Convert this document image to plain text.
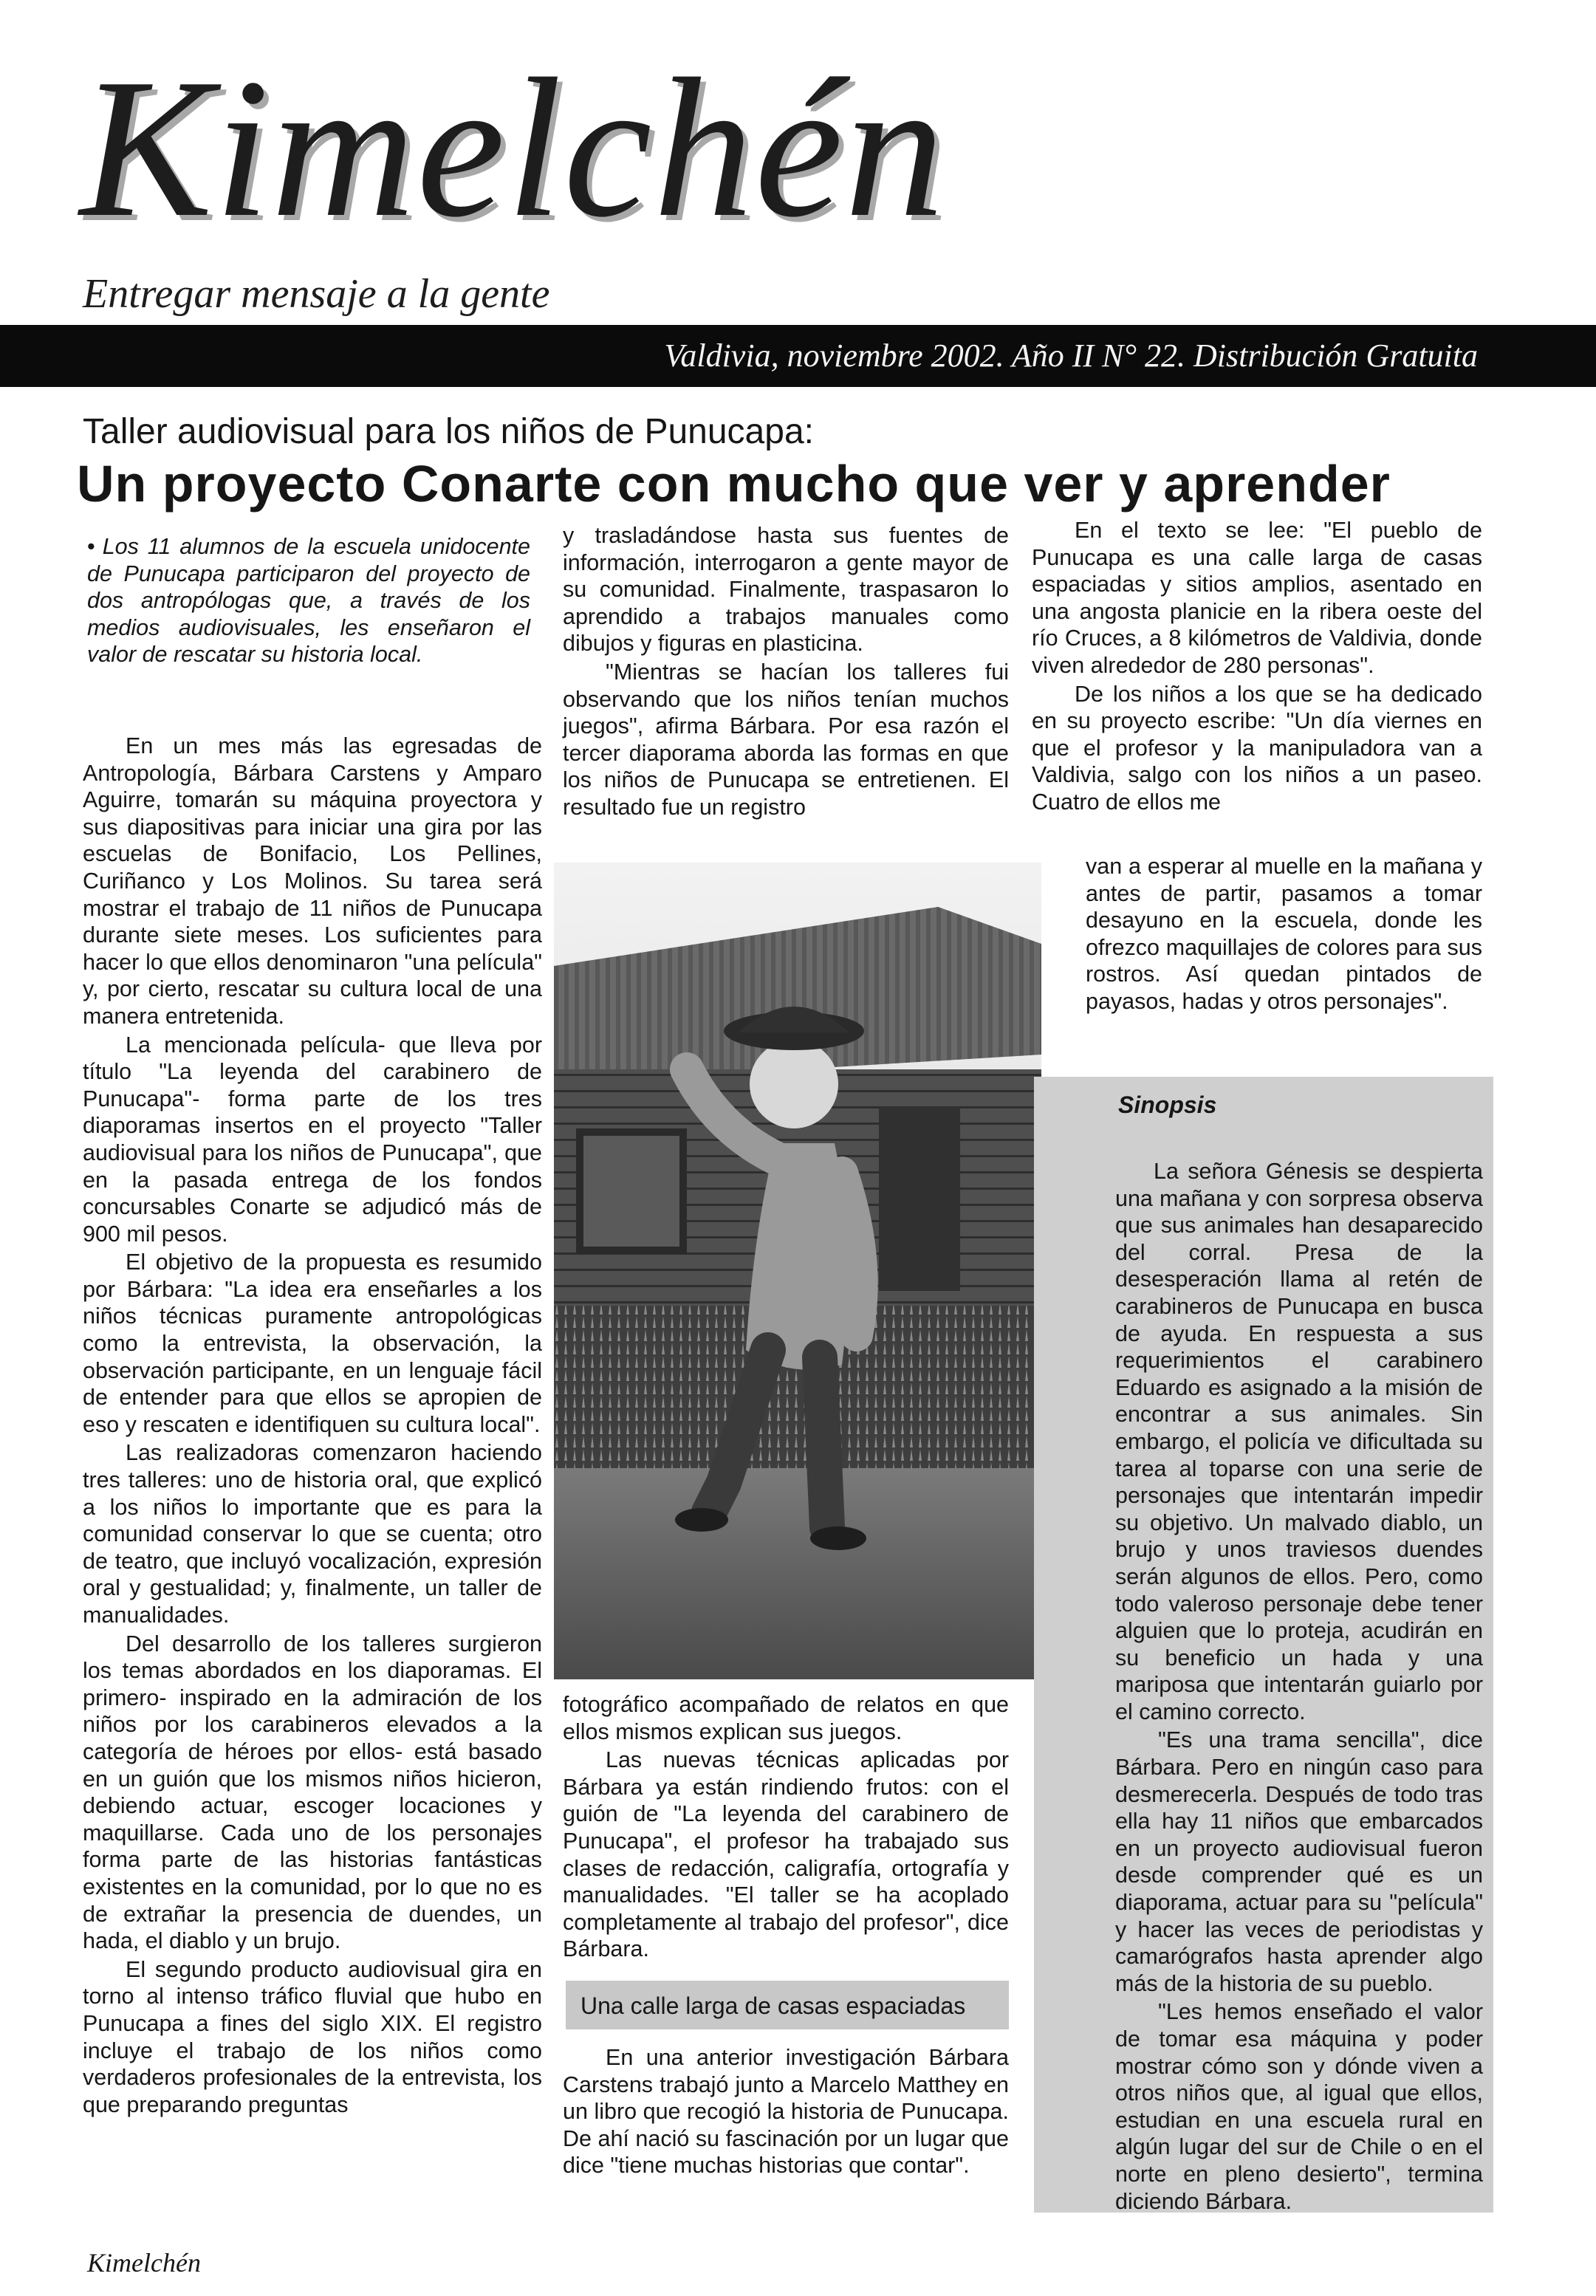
Kimelchén
Entregar mensaje a la gente
Valdivia, noviembre 2002. Año II N° 22. Distribución Gratuita
Taller audiovisual para los niños de Punucapa:
Un proyecto Conarte con mucho que ver y aprender

• Los 11 alumnos de la escuela unidocente de Punucapa participaron del proyecto de dos antropólogas que, a través de los medios audiovisuales, les enseñaron el valor de rescatar su historia local.

En un mes más las egresadas de Antropología, Bárbara Carstens y Amparo Aguirre, tomarán su máquina proyectora y sus diapositivas para iniciar una gira por las escuelas de Bonifacio, Los Pellines, Curiñanco y Los Molinos. Su tarea será mostrar el trabajo de 11 niños de Punucapa durante siete meses. Los suficientes para hacer lo que ellos denominaron "una película" y, por cierto, rescatar su cultura local de una manera entretenida.

La mencionada película- que lleva por título "La leyenda del carabinero de Punucapa"- forma parte de los tres diaporamas insertos en el proyecto "Taller audiovisual para los niños de Punucapa", que en la pasada entrega de los fondos concursables Conarte se adjudicó más de 900 mil pesos.

El objetivo de la propuesta es resumido por Bárbara: "La idea era enseñarles a los niños técnicas puramente antropológicas como la entrevista, la observación, la observación participante, en un lenguaje fácil de entender para que ellos se apropien de eso y rescaten e identifiquen su cultura local".

Las realizadoras comenzaron haciendo tres talleres: uno de historia oral, que explicó a los niños lo importante que es para la comunidad conservar lo que se cuenta; otro de teatro, que incluyó vocalización, expresión oral y gestualidad; y, finalmente, un taller de manualidades.

Del desarrollo de los talleres surgieron los temas abordados en los diaporamas. El primero- inspirado en la admiración de los niños por los carabineros elevados a la categoría de héroes por ellos- está basado en un guión que los mismos niños hicieron, debiendo actuar, escoger locaciones y maquillarse. Cada uno de los personajes forma parte de las historias fantásticas existentes en la comunidad, por lo que no es de extrañar la presencia de duendes, un hada, el diablo y un brujo.

El segundo producto audiovisual gira en torno al intenso tráfico fluvial que hubo en Punucapa a fines del siglo XIX. El registro incluye el trabajo de los niños como verdaderos profesionales de la entrevista, los que preparando preguntas

y trasladándose hasta sus fuentes de información, interrogaron a gente mayor de su comunidad. Finalmente, traspasaron lo aprendido a trabajos manuales como dibujos y figuras en plasticina.

"Mientras se hacían los talleres fui observando que los niños tenían muchos juegos", afirma Bárbara. Por esa razón el tercer diaporama aborda las formas en que los niños de Punucapa se entretienen. El resultado fue un registro

fotográfico acompañado de relatos en que ellos mismos explican sus juegos.

Las nuevas técnicas aplicadas por Bárbara ya están rindiendo frutos: con el guión de "La leyenda del carabinero de Punucapa", el profesor ha trabajado sus clases de redacción, caligrafía, ortografía y manualidades. "El taller se ha acoplado completamente al trabajo del profesor", dice Bárbara.

Una calle larga de casas espaciadas

En una anterior investigación Bárbara Carstens trabajó junto a Marcelo Matthey en un libro que recogió la historia de Punucapa. De ahí nació su fascinación por un lugar que dice "tiene muchas historias que contar".

En el texto se lee: "El pueblo de Punucapa es una calle larga de casas espaciadas y sitios amplios, asentado en una angosta planicie en la ribera oeste del río Cruces, a 8 kilómetros de Valdivia, donde viven alrededor de 280 personas".

De los niños a los que se ha dedicado en su proyecto escribe: "Un día viernes en que el profesor y la manipuladora van a Valdivia, salgo con los niños a un paseo. Cuatro de ellos me

van a esperar al muelle en la mañana y antes de partir, pasamos a tomar desayuno en la escuela, donde les ofrezco maquillajes de colores para sus rostros. Así quedan pintados de payasos, hadas y otros personajes".

Sinopsis

La señora Génesis se despierta una mañana y con sorpresa observa que sus animales han desaparecido del corral. Presa de la desesperación llama al retén de carabineros de Punucapa en busca de ayuda. En respuesta a sus requerimientos el carabinero Eduardo es asignado a la misión de encontrar a sus animales. Sin embargo, el policía ve dificultada su tarea al toparse con una serie de personajes que intentarán impedir su objetivo. Un malvado diablo, un brujo y unos traviesos duendes serán algunos de ellos. Pero, como todo valeroso personaje debe tener alguien que lo proteja, acudirán en su beneficio un hada y una mariposa que intentarán guiarlo por el camino correcto.

"Es una trama sencilla", dice Bárbara. Pero en ningún caso para desmerecerla. Después de todo tras ella hay 11 niños que embarcados en un proyecto audiovisual fueron desde comprender qué es un diaporama, actuar para su "película" y hacer las veces de periodistas y camarógrafos hasta aprender algo más de la historia de su pueblo.

"Les hemos enseñado el valor de tomar esa máquina y poder mostrar cómo son y dónde viven a otros niños que, al igual que ellos, estudian en una escuela rural en algún lugar del sur de Chile o en el norte en pleno desierto", termina diciendo Bárbara.

Kimelchén
